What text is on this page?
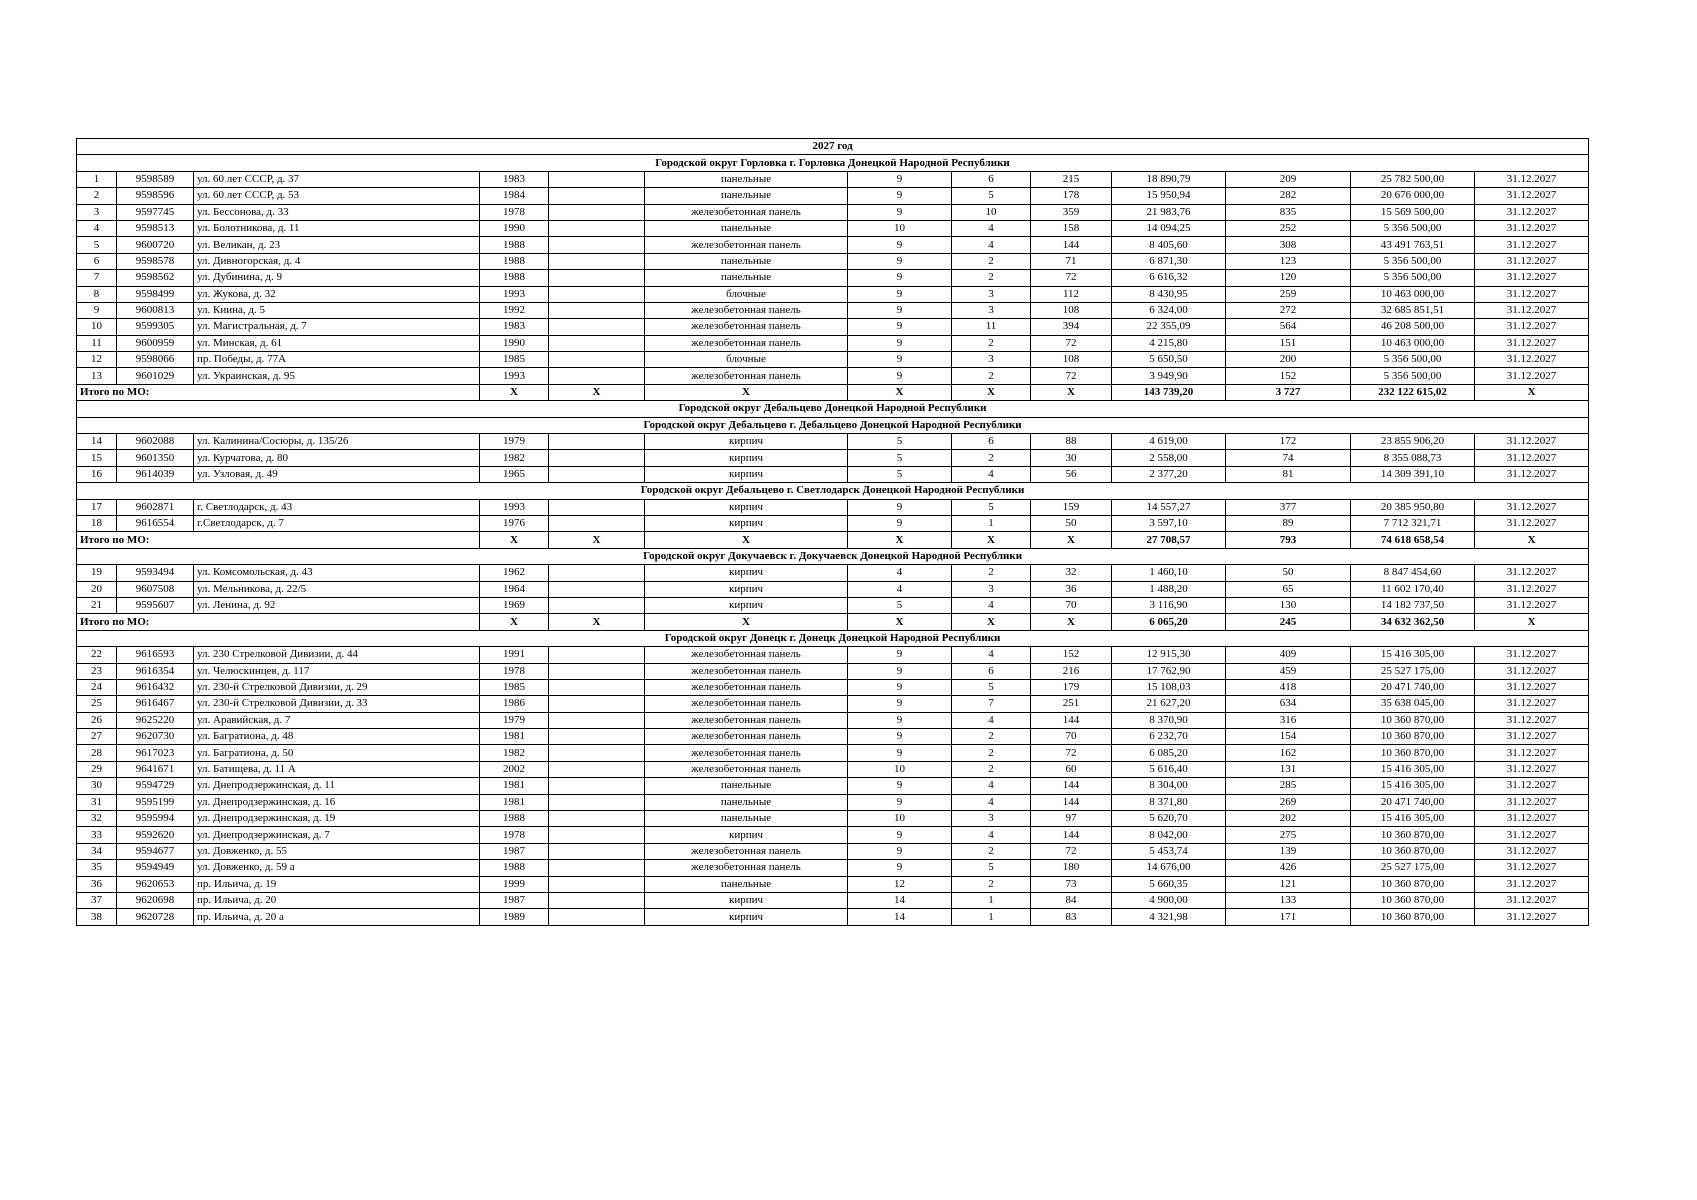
2027 год												
Городской округ Горловка г. Горловка Донецкой Народной Республики												
1	9598589	ул. 60 лет СССР, д. 37	1983		панельные	9	6	215	18 890,79	209	25 782 500,00	31.12.2027
2	9598596	ул. 60 лет СССР, д. 53	1984		панельные	9	5	178	15 950,94	282	20 676 000,00	31.12.2027
3	9597745	ул. Бессонова, д. 33	1978		железобетонная панель	9	10	359	21 983,76	835	15 569 500,00	31.12.2027
4	9598513	ул. Болотникова, д. 11	1990		панельные	10	4	158	14 094,25	252	5 356 500,00	31.12.2027
5	9600720	ул. Великан, д. 23	1988		железобетонная панель	9	4	144	8 405,60	308	43 491 763,51	31.12.2027
6	9598578	ул. Дивногорская, д. 4	1988		панельные	9	2	71	6 871,30	123	5 356 500,00	31.12.2027
7	9598562	ул. Дубинина, д. 9	1988		панельные	9	2	72	6 616,32	120	5 356 500,00	31.12.2027
8	9598499	ул. Жукова, д. 32	1993		блочные	9	3	112	8 430,95	259	10 463 000,00	31.12.2027
9	9600813	ул. Киина, д. 5	1992		железобетонная панель	9	3	108	6 324,00	272	32 685 851,51	31.12.2027
10	9599305	ул. Магистральная, д. 7	1983		железобетонная панель	9	11	394	22 355,09	564	46 208 500,00	31.12.2027
11	9600959	ул. Минская, д. 61	1990		железобетонная панель	9	2	72	4 215,80	151	10 463 000,00	31.12.2027
12	9598066	пр. Победы, д. 77А	1985		блочные	9	3	108	5 650,50	200	5 356 500,00	31.12.2027
13	9601029	ул. Украинская, д. 95	1993		железобетонная панель	9	2	72	3 949,90	152	5 356 500,00	31.12.2027
Итого по МО:			X	X	X	X	X	X	143 739,20	3 727	232 122 615,02	X
Городской округ Дебальцево Донецкой Народной Республики												
Городской округ Дебальцево г. Дебальцево Донецкой Народной Республики												
14	9602088	ул. Калинина/Сосюры, д. 135/26	1979		кирпич	5	6	88	4 619,00	172	23 855 906,20	31.12.2027
15	9601350	ул. Курчатова, д. 80	1982		кирпич	5	2	30	2 558,00	74	8 355 088,73	31.12.2027
16	9614039	ул. Узловая, д. 49	1965		кирпич	5	4	56	2 377,20	81	14 309 391,10	31.12.2027
Городской округ Дебальцево г. Светлодарск Донецкой Народной Республики												
17	9602871	г. Светлодарск, д. 43	1993		кирпич	9	5	159	14 557,27	377	20 385 950,80	31.12.2027
18	9616554	г.Светлодарск, д. 7	1976		кирпич	9	1	50	3 597,10	89	7 712 321,71	31.12.2027
Итого по МО:			X	X	X	X	X	X	27 708,57	793	74 618 658,54	X
Городской округ Докучаевск г. Докучаевск Донецкой Народной Республики												
19	9593494	ул. Комсомольская, д. 43	1962		кирпич	4	2	32	1 460,10	50	8 847 454,60	31.12.2027
20	9607508	ул. Мельникова, д. 22/5	1964		кирпич	4	3	36	1 488,20	65	11 602 170,40	31.12.2027
21	9595607	ул. Ленина, д. 92	1969		кирпич	5	4	70	3 116,90	130	14 182 737,50	31.12.2027
Итого по МО:			X	X	X	X	X	X	6 065,20	245	34 632 362,50	X
Городской округ Донецк г. Донецк Донецкой Народной Республики												
22	9616593	ул. 230 Стрелковой Дивизии, д. 44	1991		железобетонная панель	9	4	152	12 915,30	409	15 416 305,00	31.12.2027
23	9616354	ул. Челюскинцев, д. 117	1978		железобетонная панель	9	6	216	17 762,90	459	25 527 175,00	31.12.2027
24	9616432	ул. 230-й Стрелковой Дивизии, д. 29	1985		железобетонная панель	9	5	179	15 108,03	418	20 471 740,00	31.12.2027
25	9616467	ул. 230-й Стрелковой Дивизии, д. 33	1986		железобетонная панель	9	7	251	21 627,20	634	35 638 045,00	31.12.2027
26	9625220	ул. Аравийская, д. 7	1979		железобетонная панель	9	4	144	8 370,90	316	10 360 870,00	31.12.2027
27	9620730	ул. Багратиона, д. 48	1981		железобетонная панель	9	2	70	6 232,70	154	10 360 870,00	31.12.2027
28	9617023	ул. Багратиона, д. 50	1982		железобетонная панель	9	2	72	6 085,20	162	10 360 870,00	31.12.2027
29	9641671	ул. Батищева, д. 11 А	2002		железобетонная панель	10	2	60	5 616,40	131	15 416 305,00	31.12.2027
30	9594729	ул. Днепродзержинская, д. 11	1981		панельные	9	4	144	8 304,00	285	15 416 305,00	31.12.2027
31	9595199	ул. Днепродзержинская, д. 16	1981		панельные	9	4	144	8 371,80	269	20 471 740,00	31.12.2027
32	9595994	ул. Днепродзержинская, д. 19	1988		панельные	10	3	97	5 620,70	202	15 416 305,00	31.12.2027
33	9592620	ул. Днепродзержинская, д. 7	1978		кирпич	9	4	144	8 042,00	275	10 360 870,00	31.12.2027
34	9594677	ул. Довженко, д. 55	1987		железобетонная панель	9	2	72	5 453,74	139	10 360 870,00	31.12.2027
35	9594949	ул. Довженко, д. 59 а	1988		железобетонная панель	9	5	180	14 676,00	426	25 527 175,00	31.12.2027
36	9620653	пр. Ильича, д. 19	1999		панельные	12	2	73	5 660,35	121	10 360 870,00	31.12.2027
37	9620698	пр. Ильича, д. 20	1987		кирпич	14	1	84	4 900,00	133	10 360 870,00	31.12.2027
38	9620728	пр. Ильича, д. 20 а	1989		кирпич	14	1	83	4 321,98	171	10 360 870,00	31.12.2027
